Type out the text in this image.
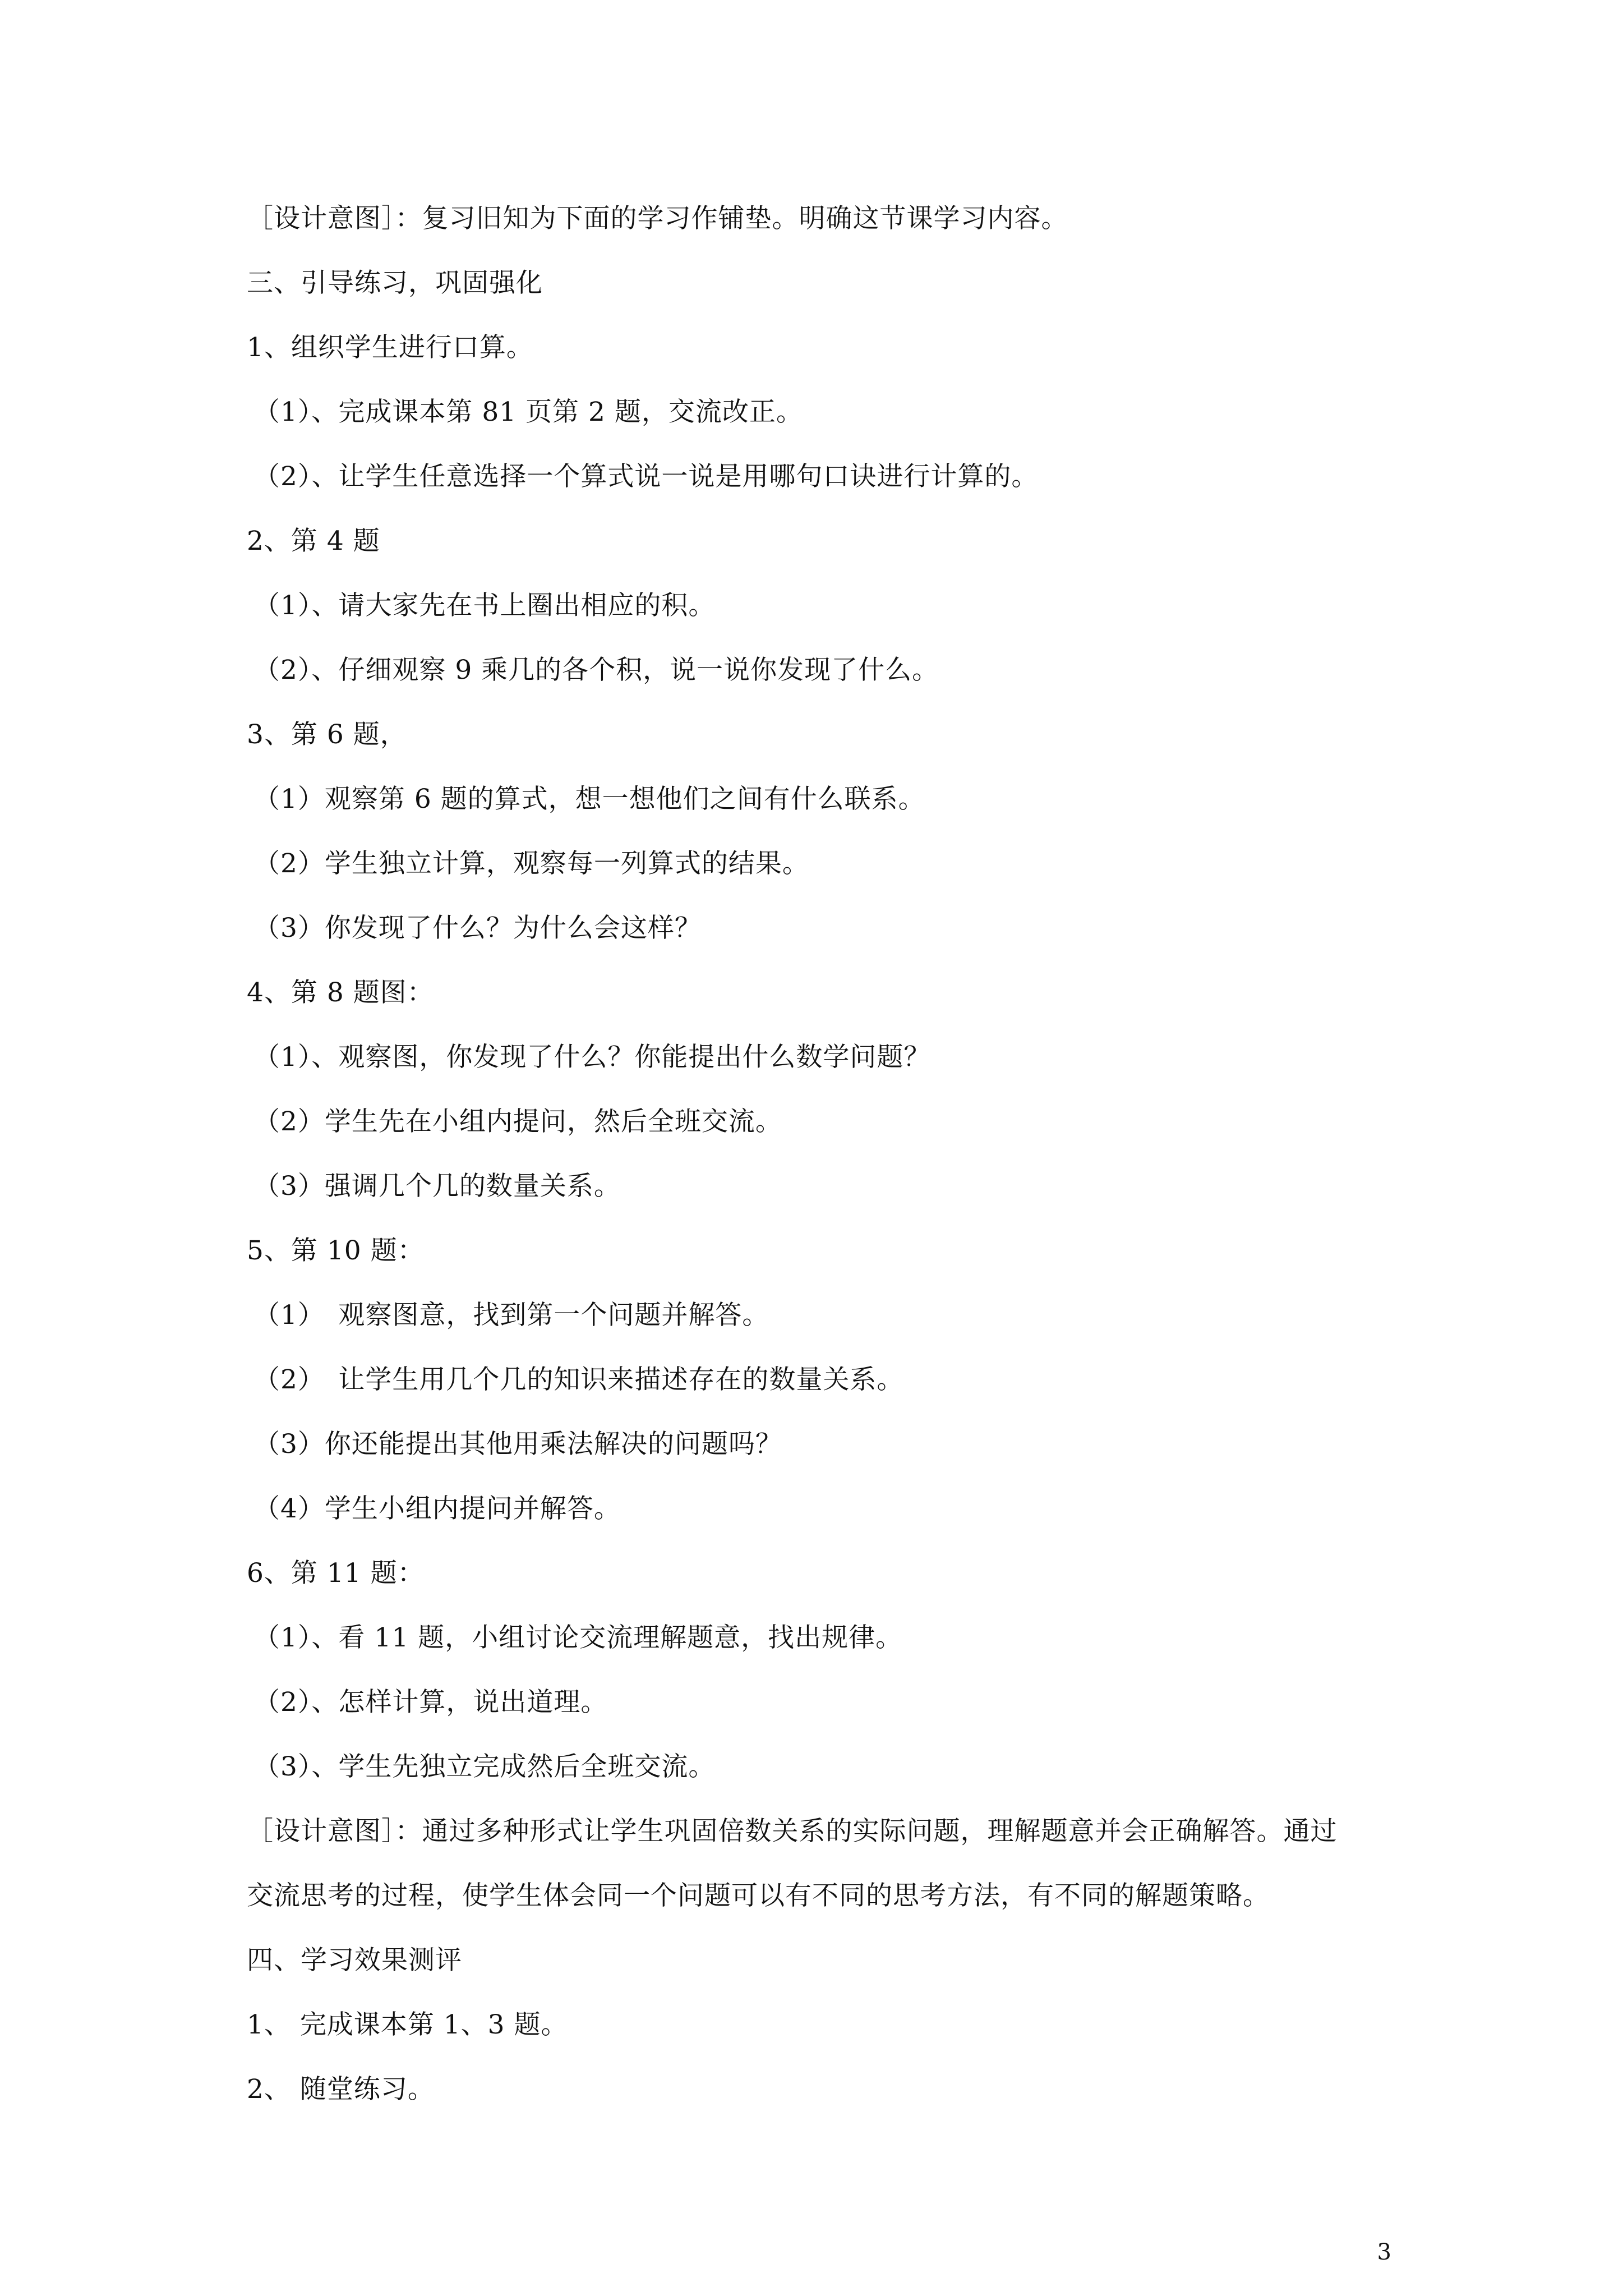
［设计意图］：复习旧知为下面的学习作铺垫。明确这节课学习内容。
三、引导练习，巩固强化
1、组织学生进行口算。
（1）、完成课本第 81 页第 2 题，交流改正。
（2）、让学生任意选择一个算式说一说是用哪句口诀进行计算的。
2、第 4 题
（1）、请大家先在书上圈出相应的积。
（2）、仔细观察 9 乘几的各个积，说一说你发现了什么。
3、第 6 题，
（1）观察第 6 题的算式，想一想他们之间有什么联系。
（2）学生独立计算，观察每一列算式的结果。
（3）你发现了什么？为什么会这样？
4、第 8 题图：
（1）、观察图，你发现了什么？你能提出什么数学问题？
（2）学生先在小组内提问，然后全班交流。
（3）强调几个几的数量关系。
5、第 10 题：
（1）　观察图意，找到第一个问题并解答。
（2）　让学生用几个几的知识来描述存在的数量关系。
（3）你还能提出其他用乘法解决的问题吗？
（4）学生小组内提问并解答。
6、第 11 题：
（1）、看 11 题，小组讨论交流理解题意，找出规律。
（2）、怎样计算，说出道理。
（3）、学生先独立完成然后全班交流。
［设计意图］：通过多种形式让学生巩固倍数关系的实际问题，理解题意并会正确解答。通过
交流思考的过程，使学生体会同一个问题可以有不同的思考方法，有不同的解题策略。
四、学习效果测评
1、 完成课本第 1、3 题。
2、 随堂练习。
3
